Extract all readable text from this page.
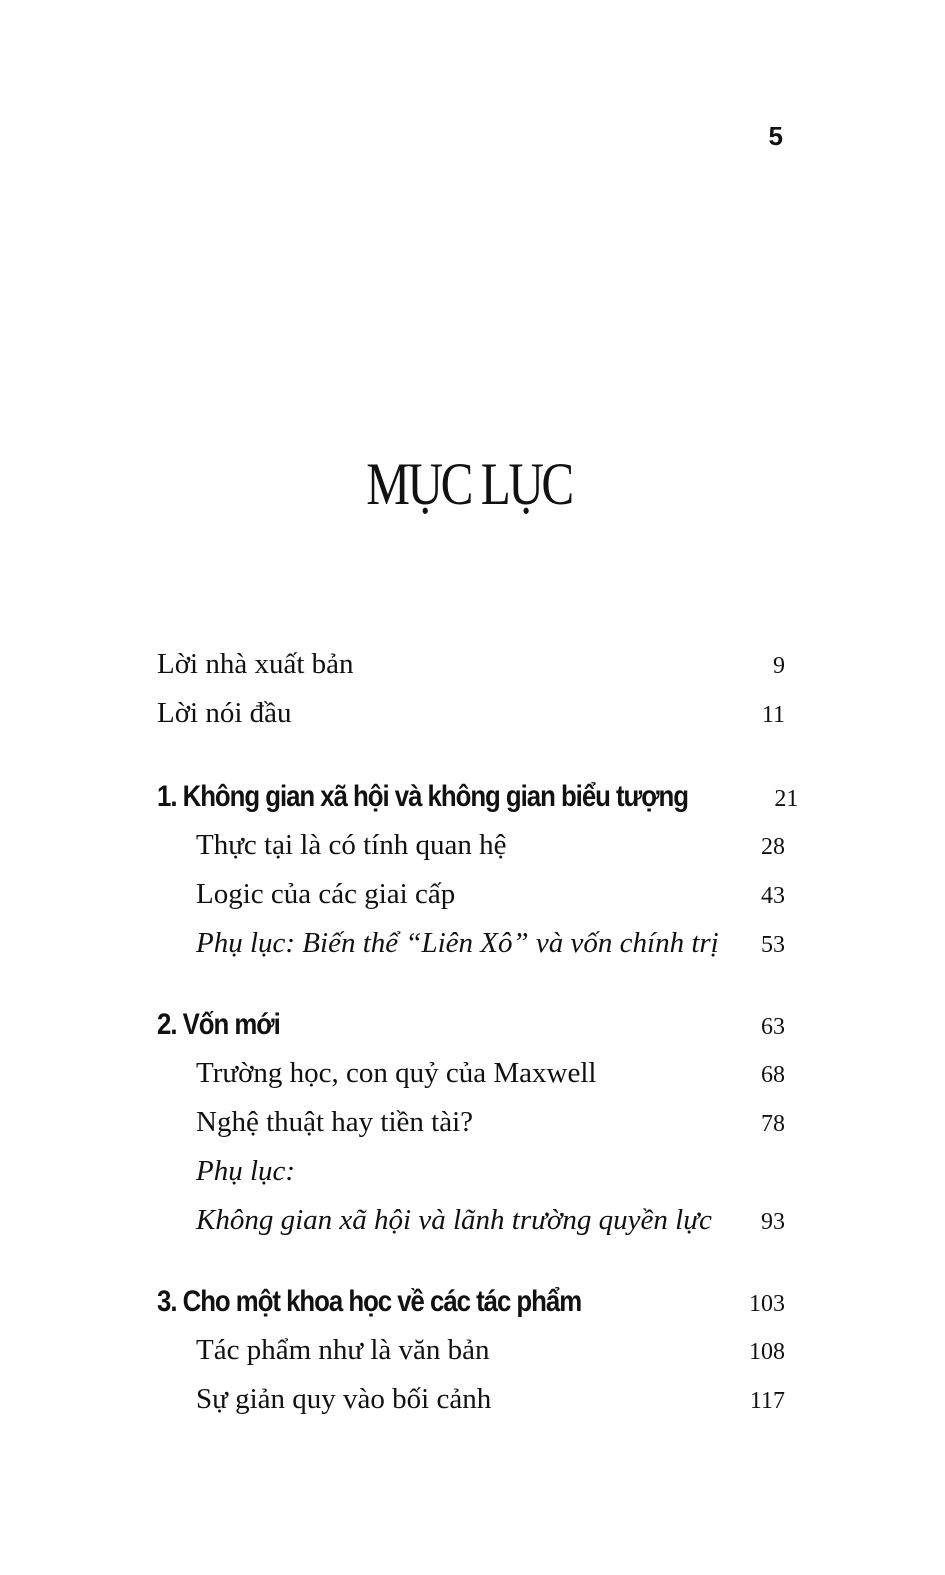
5
MỤC LỤC
Lời nhà xuất bản	9
Lời nói đầu	11
1. Không gian xã hội và không gian biểu tượng	21
Thực tại là có tính quan hệ	28
Logic của các giai cấp	43
Phụ lục: Biến thể “Liên Xô” và vốn chính trị 53
2. Vốn mới	63
Trường học, con quỷ của Maxwell	68
Nghệ thuật hay tiền tài?	78
Phụ lục:
Không gian xã hội và lãnh trường quyền lực 93
3. Cho một khoa học về các tác phẩm	103
Tác phẩm như là văn bản	108
Sự giản quy vào bối cảnh	117
